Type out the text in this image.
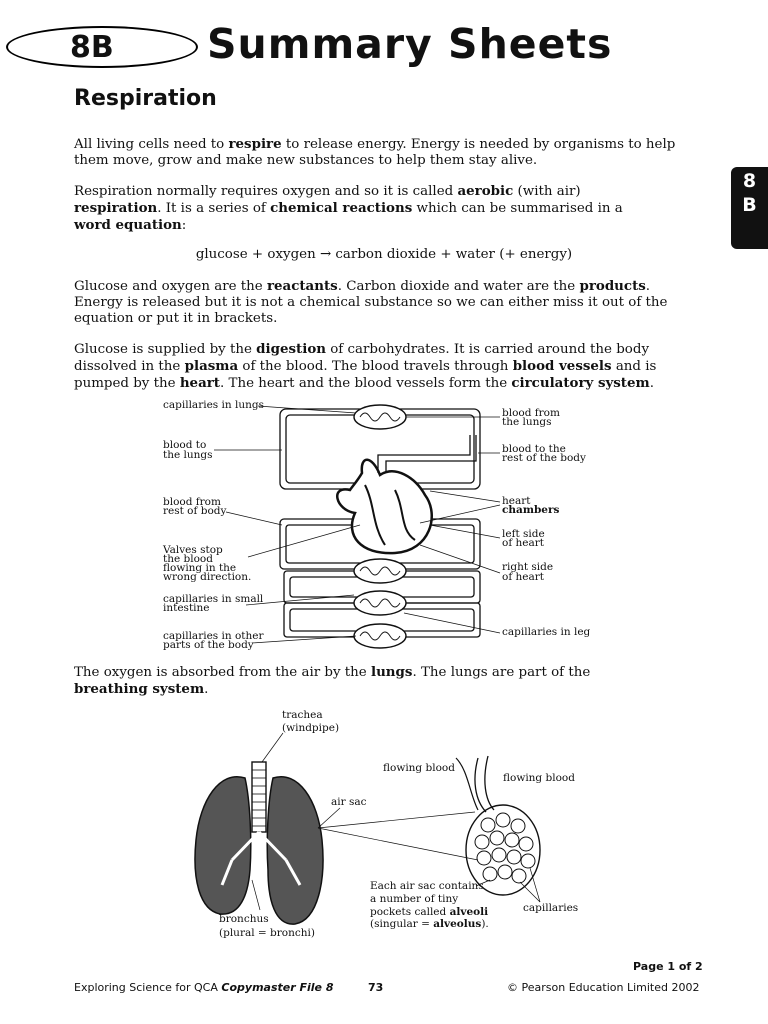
8B Summary Sheets
Respiration
8
B
All living cells need to respire to release energy. Energy is needed by organisms to help them move, grow and make new substances to help them stay alive.
Respiration normally requires oxygen and so it is called aerobic (with air) respiration. It is a series of chemical reactions which can be summarised in a word equation:
glucose + oxygen → carbon dioxide + water (+ energy)
Glucose and oxygen are the reactants. Carbon dioxide and water are the products. Energy is released but it is not a chemical substance so we can either miss it out of the equation or put it in brackets.
Glucose is supplied by the digestion of carbohydrates. It is carried around the body dissolved in the plasma of the blood. The blood travels through blood vessels and is pumped by the heart. The heart and the blood vessels form the circulatory system.
capillaries in lungs
blood to
the lungs
blood from
rest of body
Valves stop
the blood
flowing in the
wrong direction.
capillaries in small
intestine
capillaries in other
parts of the body
blood from
the lungs
blood to the
rest of the body
heart
chambers
left side
of heart
right side
of heart
capillaries in leg
The oxygen is absorbed from the air by the lungs. The lungs are part of the breathing system.
trachea
(windpipe)
air sac
flowing blood
flowing blood
bronchus
(plural = bronchi)
Each air sac contains
a number of tiny
pockets called alveoli
(singular = alveolus).
capillaries
Page 1 of 2
Exploring Science for QCA Copymaster File 8	73	© Pearson Education Limited 2002
